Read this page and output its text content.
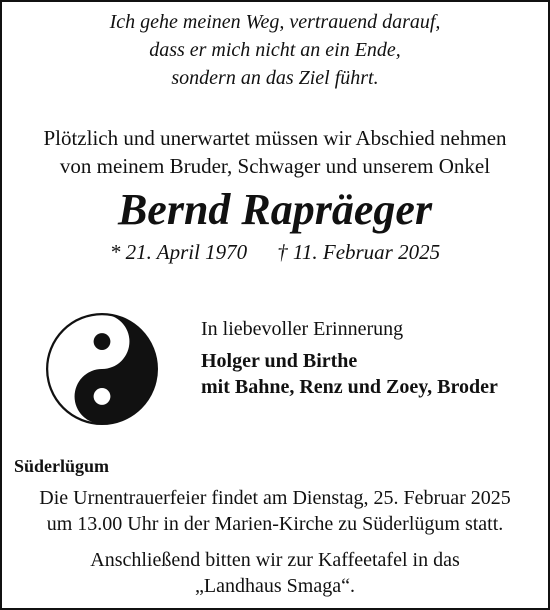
Ich gehe meinen Weg, vertrauend darauf,
dass er mich nicht an ein Ende,
sondern an das Ziel führt.
Plötzlich und unerwartet müssen wir Abschied nehmen
von meinem Bruder, Schwager und unserem Onkel
Bernd Rapräeger
* 21. April 1970 † 11. Februar 2025
In liebevoller Erinnerung
Holger und Birthe
mit Bahne, Renz und Zoey, Broder
Süderlügum
Die Urnentrauerfeier findet am Dienstag, 25. Februar 2025
um 13.00 Uhr in der Marien-Kirche zu Süderlügum statt.
Anschließend bitten wir zur Kaffeetafel in das
„Landhaus Smaga“.
